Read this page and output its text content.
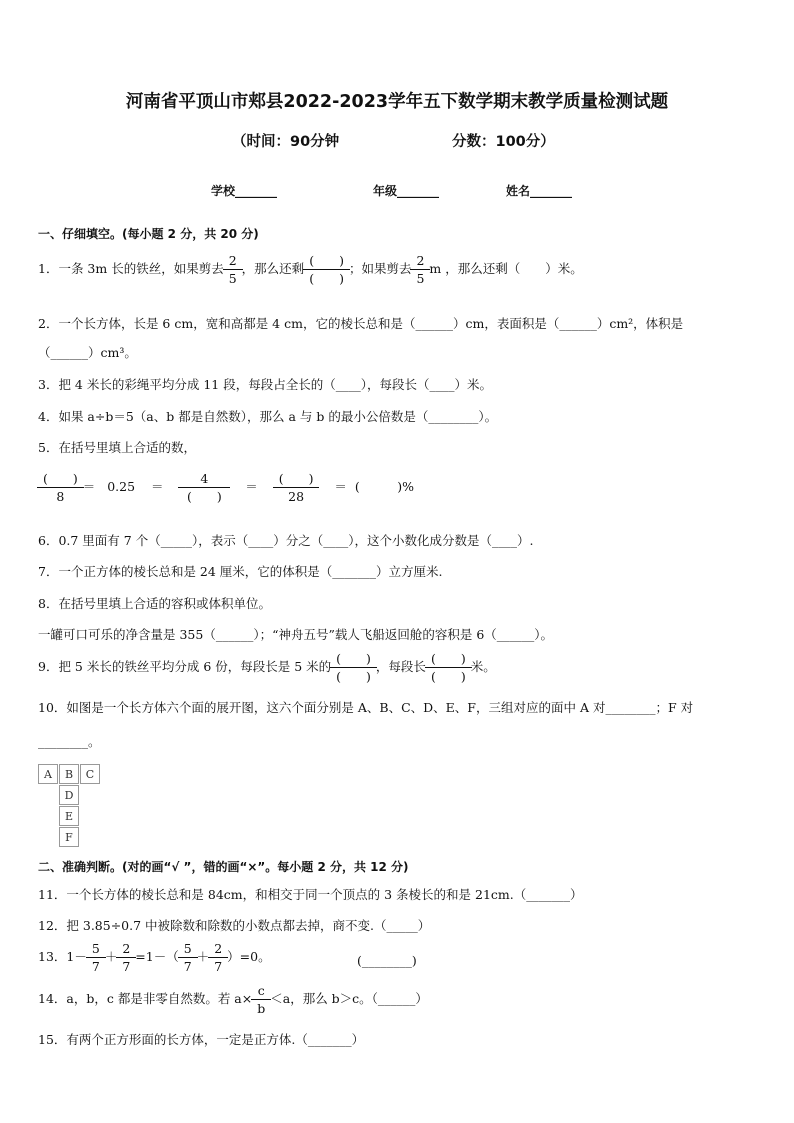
河南省平顶山市郏县2022-2023学年五下数学期末教学质量检测试题
（时间：90分钟	分数：100分）
学校_______	年级_______	姓名_______
一、仔细填空。(每小题 2 分，共 20 分)
1．一条 3m 长的铁丝，如果剪去 $\frac{2}{5}$ ，那么还剩 $\frac{( )}{( )}$ ；如果剪去 $\frac{2}{5}$ m ，那么还剩（　　）米。
2．一个长方体，长是 6 cm，宽和高都是 4 cm，它的棱长总和是（______）cm，表面积是（______）cm²，体积是
（______）cm³。
3．把 4 米长的彩绳平均分成 11 段，每段占全长的（____），每段长（____）米。
4．如果 a÷b＝5（a、b 都是自然数），那么 a 与 b 的最小公倍数是（________）。
5．在括号里填上合适的数，
$\frac{( )}{8} = 0.25 = \frac{4}{( )} = \frac{( )}{28}$ ＝ (　　　)%
6．0.7 里面有 7 个（_____），表示（____）分之（____），这个小数化成分数是（____）.
7．一个正方体的棱长总和是 24 厘米，它的体积是（_______）立方厘米.
8．在括号里填上合适的容积或体积单位。
一罐可口可乐的净含量是 355（______）；“神舟五号”载人飞船返回舱的容积是 6（______）。
9．把 5 米长的铁丝平均分成 6 份，每段长是 5 米的 $\frac{( )}{( )}$ ，每段长 $\frac{( )}{( )}$ 米。
10．如图是一个长方体六个面的展开图，这六个面分别是 A、B、C、D、E、F，三组对应的面中 A 对________；F 对
________。
A	B	C
D
E
F
二、准确判断。(对的画“√ ”，错的画“×”。每小题 2 分，共 12 分)
11．一个长方体的棱长总和是 84cm，和相交于同一个顶点的 3 条棱长的和是 21cm.（_______）
12．把 3.85÷0.7 中被除数和除数的小数点都去掉，商不变.（_____）
13．$1- \frac{5}{7} + \frac{2}{7} =1-( \frac{5}{7} + \frac{2}{7} )=0$。	(________)
14．a，b，c 都是非零自然数。若 $a\times \frac{c}{b} <a$，那么 b＞c。（______）
15．有两个正方形面的长方体，一定是正方体.（_______）
